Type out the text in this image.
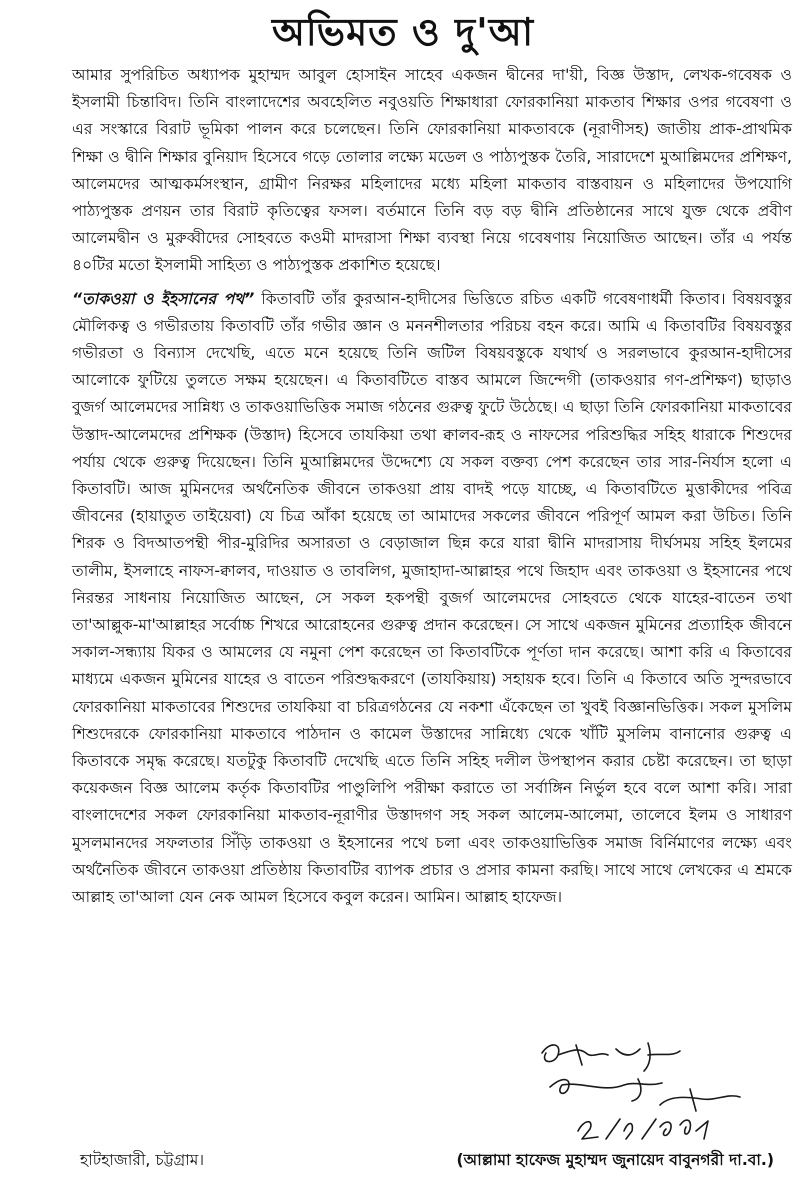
অভিমত ও দু'আ

আমার সুপরিচিত অধ্যাপক মুহাম্মদ আবুল হোসাইন সাহেব একজন দ্বীনের দা'য়ী, বিজ্ঞ উস্তাদ, লেখক-গবেষক ও ইসলামী চিন্তাবিদ। তিনি বাংলাদেশের অবহেলিত নবুওয়তি শিক্ষাধারা ফোরকানিয়া মাকতাব শিক্ষার ওপর গবেষণা ও এর সংস্কারে বিরাট ভূমিকা পালন করে চলেছেন। তিনি ফোরকানিয়া মাকতাবকে (নূরাণীসহ) জাতীয় প্রাক-প্রাথমিক শিক্ষা ও দ্বীনি শিক্ষার বুনিয়াদ হিসেবে গড়ে তোলার লক্ষ্যে মডেল ও পাঠ্যপুস্তক তৈরি, সারাদেশে মুআল্লিমদের প্রশিক্ষণ, আলেমদের আত্মকর্মসংস্থান, গ্রামীণ নিরক্ষর মহিলাদের মধ্যে মহিলা মাকতাব বাস্তবায়ন ও মহিলাদের উপযোগি পাঠ্যপুস্তক প্রণয়ন তার বিরাট কৃতিত্বের ফসল। বর্তমানে তিনি বড় বড় দ্বীনি প্রতিষ্ঠানের সাথে যুক্ত থেকে প্রবীণ আলেমদ্বীন ও মুরুব্বীদের সোহবতে কওমী মাদরাসা শিক্ষা ব্যবস্থা নিয়ে গবেষণায় নিয়োজিত আছেন। তাঁর এ পর্যন্ত ৪০টির মতো ইসলামী সাহিত্য ও পাঠ্যপুস্তক প্রকাশিত হয়েছে।

“তাকওয়া ও ইহসানের পথ” কিতাবটি তাঁর কুরআন-হাদীসের ভিত্তিতে রচিত একটি গবেষণাধর্মী কিতাব। বিষয়বস্তুর মৌলিকত্ব ও গভীরতায় কিতাবটি তাঁর গভীর জ্ঞান ও মননশীলতার পরিচয় বহন করে। আমি এ কিতাবটির বিষয়বস্তুর গভীরতা ও বিন্যাস দেখেছি, এতে মনে হয়েছে তিনি জটিল বিষয়বস্তুকে যথার্থ ও সরলভাবে কুরআন-হাদীসের আলোকে ফুটিয়ে তুলতে সক্ষম হয়েছেন। এ কিতাবটিতে বাস্তব আমলে জিন্দেগী (তাকওয়ার গণ-প্রশিক্ষণ) ছাড়াও বুজর্গ আলেমদের সান্নিধ্য ও তাকওয়াভিত্তিক সমাজ গঠনের গুরুত্ব ফুটে উঠেছে। এ ছাড়া তিনি ফোরকানিয়া মাকতাবের উস্তাদ-আলেমদের প্রশিক্ষক (উস্তাদ) হিসেবে তাযকিয়া তথা ক্বালব-রূহ ও নাফসের পরিশুদ্ধির সহিহ ধারাকে শিশুদের পর্যায় থেকে গুরুত্ব দিয়েছেন। তিনি মুআল্লিমদের উদ্দেশ্যে যে সকল বক্তব্য পেশ করেছেন তার সার-নির্যাস হলো এ কিতাবটি। আজ মুমিনদের অর্থনৈতিক জীবনে তাকওয়া প্রায় বাদই পড়ে যাচ্ছে, এ কিতাবটিতে মুত্তাকীদের পবিত্র জীবনের (হায়াতুত তাইয়েবা) যে চিত্র আঁকা হয়েছে তা আমাদের সকলের জীবনে পরিপূর্ণ আমল করা উচিত। তিনি শিরক ও বিদআতপন্থী পীর-মুরিদির অসারতা ও বেড়াজাল ছিন্ন করে যারা দ্বীনি মাদরাসায় দীর্ঘসময় সহিহ ইলমের তালীম, ইসলাহে নাফস-ক্বালব, দাওয়াত ও তাবলিগ, মুজাহাদা-আল্লাহর পথে জিহাদ এবং তাকওয়া ও ইহসানের পথে নিরন্তর সাধনায় নিয়োজিত আছেন, সে সকল হকপন্থী বুজর্গ আলেমদের সোহবতে থেকে যাহের-বাতেন তথা তা'আল্লুক-মা'আল্লাহর সর্বোচ্চ শিখরে আরোহনের গুরুত্ব প্রদান করেছেন। সে সাথে একজন মুমিনের প্রত্যাহিক জীবনে সকাল-সন্ধ্যায় যিকর ও আমলের যে নমুনা পেশ করেছেন তা কিতাবটিকে পূর্ণতা দান করেছে। আশা করি এ কিতাবের মাধ্যমে একজন মুমিনের যাহের ও বাতেন পরিশুদ্ধকরণে (তাযকিয়ায়) সহায়ক হবে। তিনি এ কিতাবে অতি সুন্দরভাবে ফোরকানিয়া মাকতাবের শিশুদের তাযকিয়া বা চরিত্রগঠনের যে নকশা এঁকেছেন তা খুবই বিজ্ঞানভিত্তিক। সকল মুসলিম শিশুদেরকে ফোরকানিয়া মাকতাবে পাঠদান ও কামেল উস্তাদের সান্নিধ্যে থেকে খাঁটি মুসলিম বানানোর গুরুত্ব এ কিতাবকে সমৃদ্ধ করেছে। যতটুকু কিতাবটি দেখেছি এতে তিনি সহিহ দলীল উপস্থাপন করার চেষ্টা করেছেন। তা ছাড়া কয়েকজন বিজ্ঞ আলেম কর্তৃক কিতাবটির পাণ্ডুলিপি পরীক্ষা করাতে তা সর্বাঙ্গিন নির্ভুল হবে বলে আশা করি। সারা বাংলাদেশের সকল ফোরকানিয়া মাকতাব-নূরাণীর উস্তাদগণ সহ সকল আলেম-আলেমা, তালেবে ইলম ও সাধারণ মুসলমানদের সফলতার সিঁড়ি তাকওয়া ও ইহসানের পথে চলা এবং তাকওয়াভিত্তিক সমাজ বির্নিমাণের লক্ষ্যে এবং অর্থনৈতিক জীবনে তাকওয়া প্রতিষ্ঠায় কিতাবটির ব্যাপক প্রচার ও প্রসার কামনা করছি। সাথে সাথে লেখকের এ শ্রমকে আল্লাহ তা'আলা যেন নেক আমল হিসেবে কবুল করেন। আমিন। আল্লাহ হাফেজ।

হাটহাজারী, চট্টগ্রাম।	(আল্লামা হাফেজ মুহাম্মদ জুনায়েদ বাবুনগরী দা.বা.)
